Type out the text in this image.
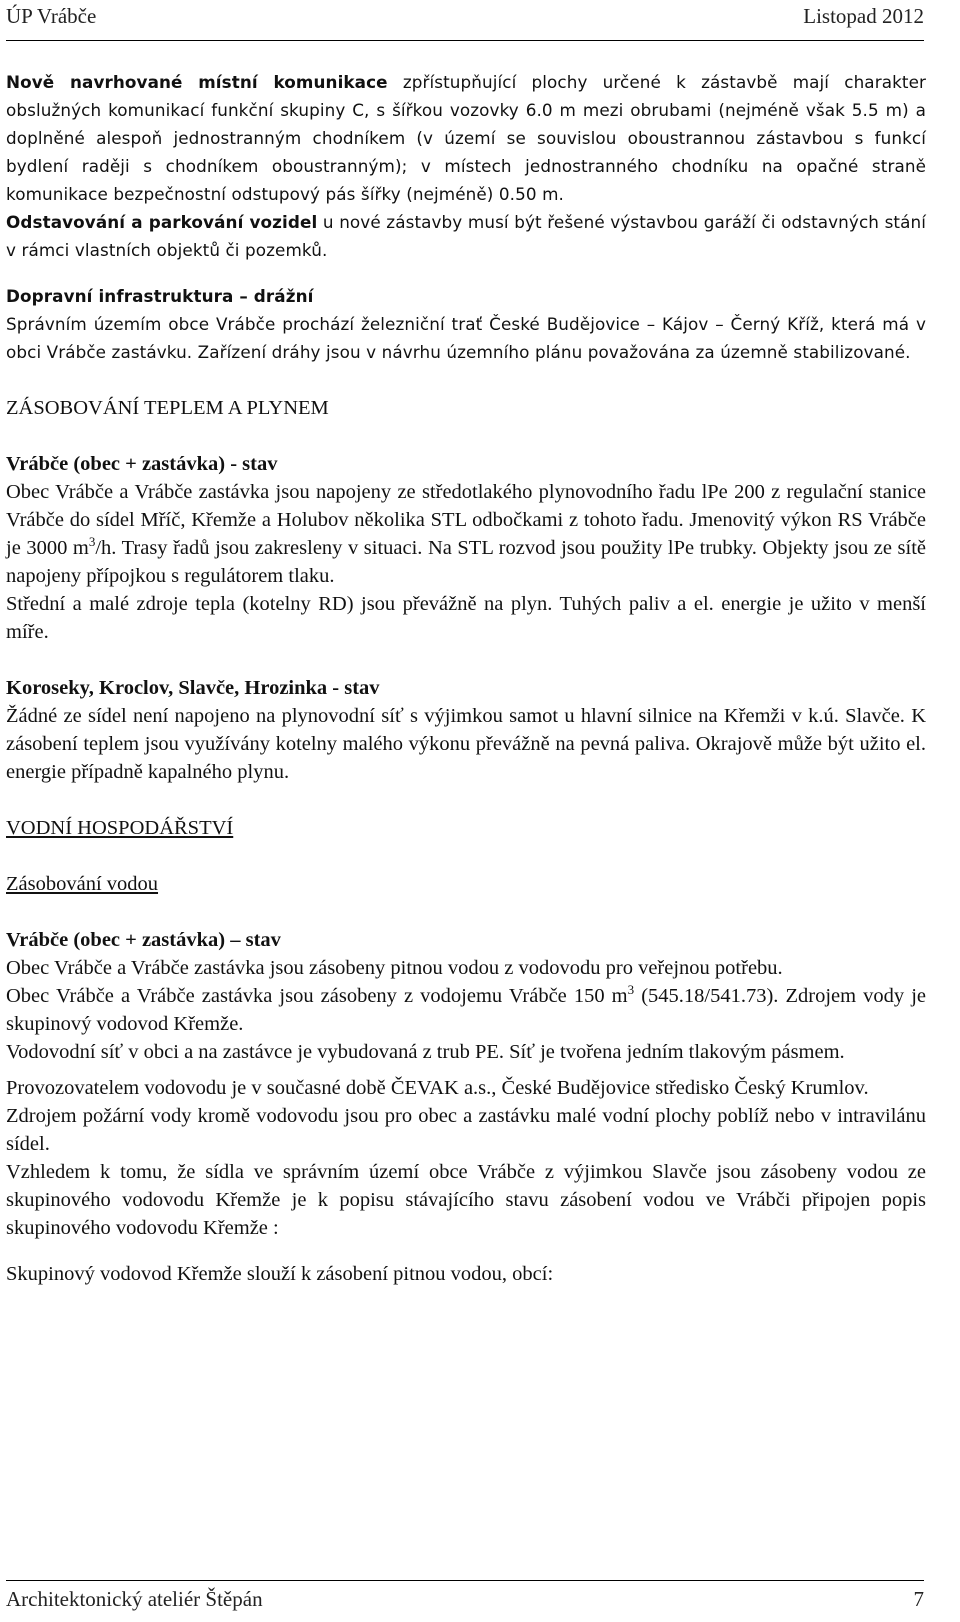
ÚP Vrábče	Listopad 2012

Nově navrhované místní komunikace zpřístupňující plochy určené k zástavbě mají charakter obslužných komunikací funkční skupiny C, s šířkou vozovky 6.0 m mezi obrubami (nejméně však 5.5 m) a doplněné alespoň jednostranným chodníkem (v území se souvislou oboustrannou zástavbou s funkcí bydlení raději s chodníkem oboustranným); v místech jednostranného chodníku na opačné straně komunikace bezpečnostní odstupový pás šířky (nejméně) 0.50 m.

Odstavování a parkování vozidel u nové zástavby musí být řešené výstavbou garáží či odstavných stání v rámci vlastních objektů či pozemků.

Dopravní infrastruktura – drážní

Správním územím obce Vrábče prochází železniční trať České Budějovice – Kájov – Černý Kříž, která má v obci Vrábče zastávku. Zařízení dráhy jsou v návrhu územního plánu považována za územně stabilizované.

ZÁSOBOVÁNÍ TEPLEM A PLYNEM

Vrábče (obec + zastávka) - stav

Obec Vrábče a Vrábče zastávka jsou napojeny ze středotlakého plynovodního řadu lPe 200 z regulační stanice Vrábče do sídel Mříč, Křemže a Holubov několika STL odbočkami z tohoto řadu. Jmenovitý výkon RS Vrábče je 3000 $m^3/h$. Trasy řadů jsou zakresleny v situaci. Na STL rozvod jsou použity lPe trubky. Objekty jsou ze sítě napojeny přípojkou s regulátorem tlaku.

Střední a malé zdroje tepla (kotelny RD) jsou převážně na plyn. Tuhých paliv a el. energie je užito v menší míře.

Koroseky, Kroclov, Slavče, Hrozinka - stav

Žádné ze sídel není napojeno na plynovodní síť s výjimkou samot u hlavní silnice na Křemži v k.ú. Slavče. K zásobení teplem jsou využívány kotelny malého výkonu převážně na pevná paliva. Okrajově může být užito el. energie případně kapalného plynu.

VODNÍ HOSPODÁŘSTVÍ

Zásobování vodou

Vrábče (obec + zastávka) – stav

Obec Vrábče a Vrábče zastávka jsou zásobeny pitnou vodou z vodovodu pro veřejnou potřebu.

Obec Vrábče a Vrábče zastávka jsou zásobeny z vodojemu Vrábče 150 $m^3$ (545.18/541.73). Zdrojem vody je skupinový vodovod Křemže.

Vodovodní síť v obci a na zastávce je vybudovaná z trub PE. Síť je tvořena jedním tlakovým pásmem.

Provozovatelem vodovodu je v současné době ČEVAK a.s., České Budějovice středisko Český Krumlov.

Zdrojem požární vody kromě vodovodu jsou pro obec a zastávku malé vodní plochy poblíž nebo v intravilánu sídel.

Vzhledem k tomu, že sídla ve správním území obce Vrábče z výjimkou Slavče jsou zásobeny vodou ze skupinového vodovodu Křemže je k popisu stávajícího stavu zásobení vodou ve Vrábči připojen popis skupinového vodovodu Křemže :

Skupinový vodovod Křemže slouží k zásobení pitnou vodou, obcí:

Architektonický ateliér Štěpán	7
